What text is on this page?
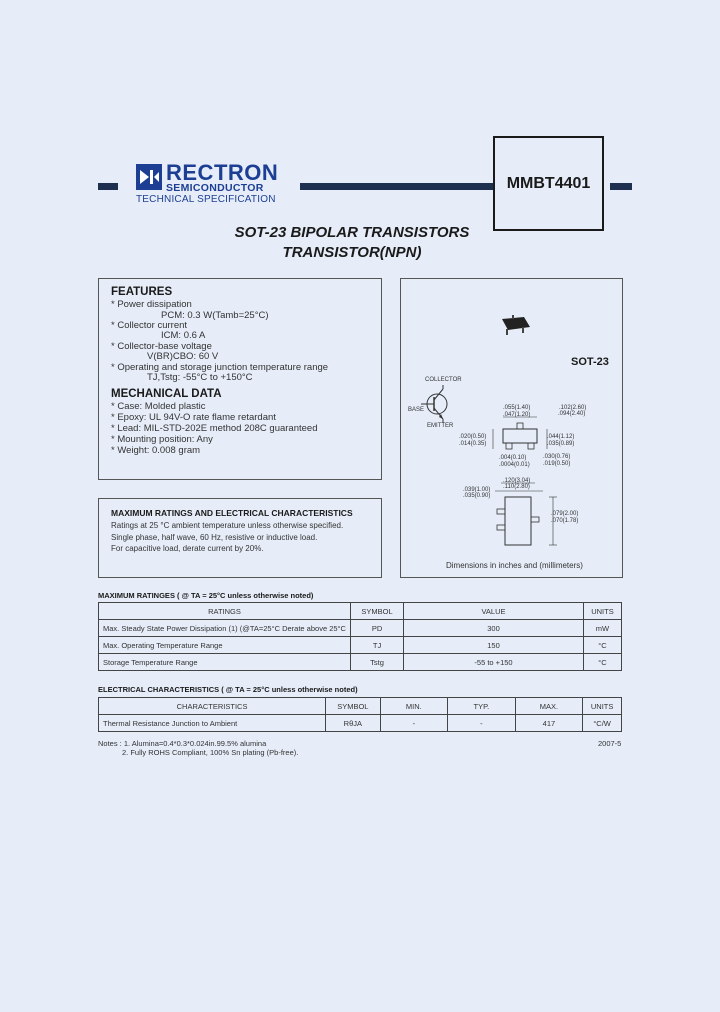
RECTRON
SEMICONDUCTOR
TECHNICAL SPECIFICATION
MMBT4401
SOT-23 BIPOLAR TRANSISTORS
TRANSISTOR(NPN)
FEATURES
* Power dissipation
PCM: 0.3 W(Tamb=25°C)
* Collector current
ICM: 0.6 A
* Collector-base voltage
V(BR)CBO: 60 V
* Operating and storage junction temperature range
TJ,Tstg: -55°C to +150°C
MECHANICAL DATA
* Case: Molded plastic
* Epoxy: UL 94V-O rate flame retardant
* Lead: MIL-STD-202E method 208C guaranteed
* Mounting position: Any
* Weight: 0.008 gram
MAXIMUM RATINGS AND ELECTRICAL CHARACTERISTICS
Ratings at 25 °C ambient temperature unless otherwise specified.
Single phase, half wave, 60 Hz, resistive or inductive load.
For capacitive load, derate current by 20%.
SOT-23
COLLECTOR
BASE
EMITTER
.055(1.40)
.047(1.20)
.102(2.60)
.020(0.50)
.014(0.35)
.044(1.12)
.035(0.89)
.004(0.10)
.0004(0.01)
.030(0.76)
.019(0.50)
.120(3.04)
.110(2.80)
.039(1.00)
.035(0.90)
.079(2.00)
.070(1.78)
Dimensions in inches and (millimeters)
MAXIMUM RATINGES ( @ TA = 25°C unless otherwise noted)
RATINGS	SYMBOL	VALUE	UNITS
Max. Steady State Power Dissipation (1) (@TA=25°C Derate above 25°C	PD	300	mW
Max. Operating Temperature Range	TJ	150	°C
Storage Temperature Range	Tstg	-55 to +150	°C
ELECTRICAL CHARACTERISTICS ( @ TA = 25°C unless otherwise noted)
CHARACTERISTICS	SYMBOL	MIN.	TYP.	MAX.	UNITS
Thermal Resistance Junction to Ambient	RθJA	-	-	417	°C/W
Notes : 1. Alumina=0.4*0.3*0.024in.99.5% alumina
2. Fully ROHS Compliant, 100% Sn plating (Pb-free).
2007-5
.094(2.40)
